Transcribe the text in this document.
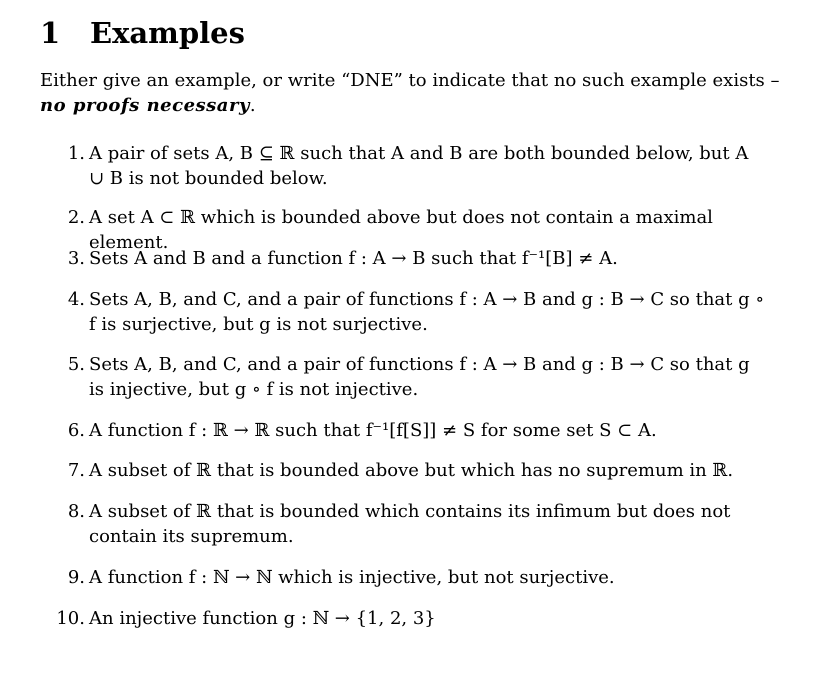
1 Examples
Either give an example, or write “DNE” to indicate that no such example exists – no proofs necessary.
1. A pair of sets A, B ⊆ ℝ such that A and B are both bounded below, but A ∪ B is not bounded below.
2. A set A ⊂ ℝ which is bounded above but does not contain a maximal element.
3. Sets A and B and a function f : A → B such that f⁻¹[B] ≠ A.
4. Sets A, B, and C, and a pair of functions f : A → B and g : B → C so that g ∘ f is surjective, but g is not surjective.
5. Sets A, B, and C, and a pair of functions f : A → B and g : B → C so that g is injective, but g ∘ f is not injective.
6. A function f : ℝ → ℝ such that f⁻¹[f[S]] ≠ S for some set S ⊂ A.
7. A subset of ℝ that is bounded above but which has no supremum in ℝ.
8. A subset of ℝ that is bounded which contains its infimum but does not contain its supremum.
9. A function f : ℕ → ℕ which is injective, but not surjective.
10. An injective function g : ℕ → {1, 2, 3}
